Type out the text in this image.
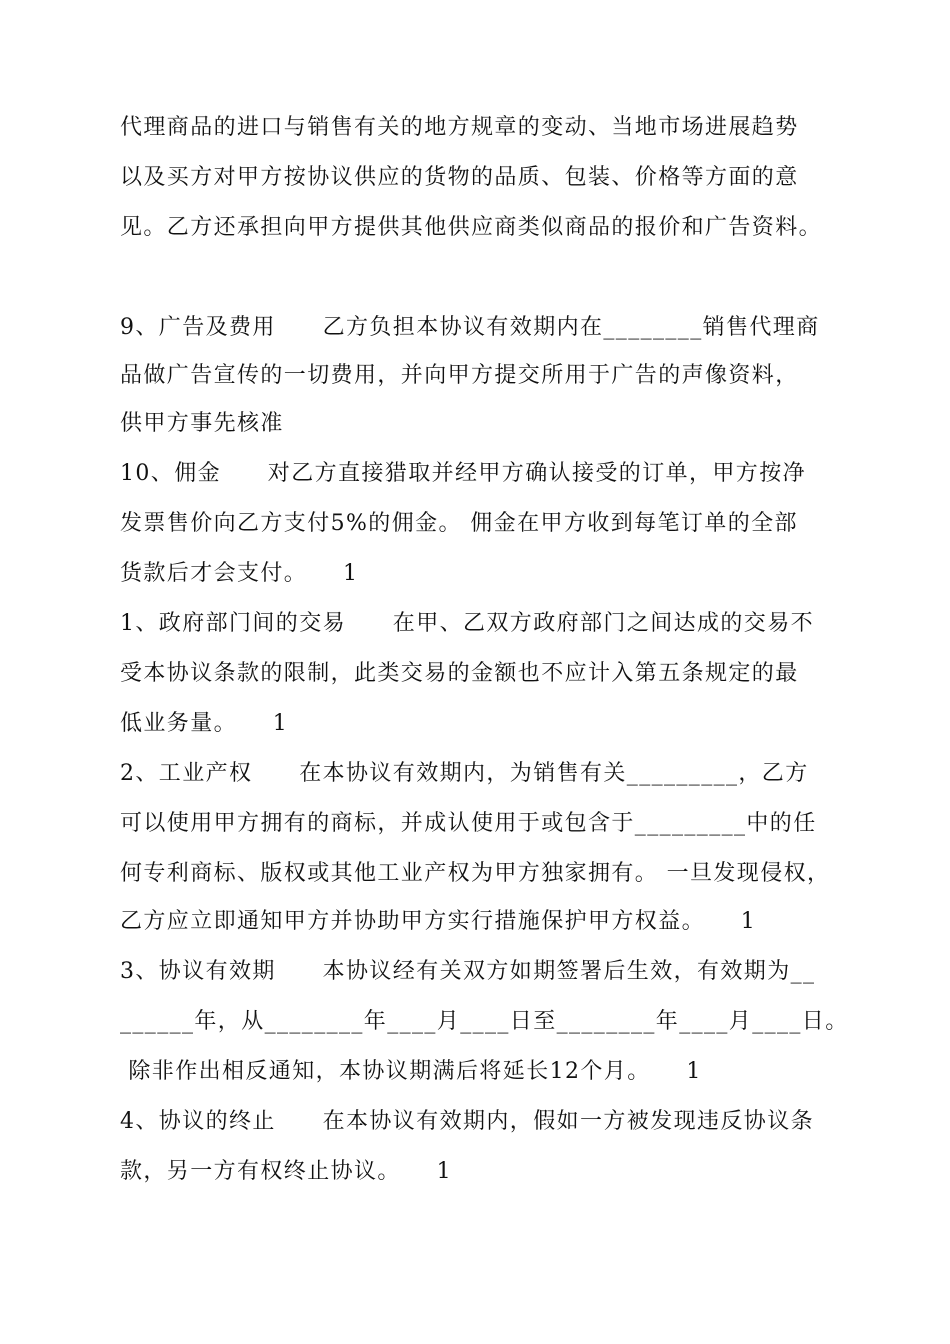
代理商品的进口与销售有关的地方规章的变动、当地市场进展趋势
以及买方对甲方按协议供应的货物的品质、包装、价格等方面的意
见。乙方还承担向甲方提供其他供应商类似商品的报价和广告资料。
9、广告及费用　　乙方负担本协议有效期内在________销售代理商
品做广告宣传的一切费用，并向甲方提交所用于广告的声像资料，
供甲方事先核准
10、佣金　　对乙方直接猎取并经甲方确认接受的订单，甲方按净
发票售价向乙方支付5%的佣金。 佣金在甲方收到每笔订单的全部
货款后才会支付。　　1
1、政府部门间的交易　　在甲、乙双方政府部门之间达成的交易不
受本协议条款的限制，此类交易的金额也不应计入第五条规定的最
低业务量。　　1
2、工业产权　　在本协议有效期内，为销售有关_________，乙方
可以使用甲方拥有的商标，并成认使用于或包含于_________中的任
何专利商标、版权或其他工业产权为甲方独家拥有。 一旦发现侵权，
乙方应立即通知甲方并协助甲方实行措施保护甲方权益。　　1
3、协议有效期　　本协议经有关双方如期签署后生效，有效期为__
______年，从________年____月____日至________年____月____日。
除非作出相反通知，本协议期满后将延长12个月。　　1
4、协议的终止　　在本协议有效期内，假如一方被发现违反协议条
款，另一方有权终止协议。　　1
